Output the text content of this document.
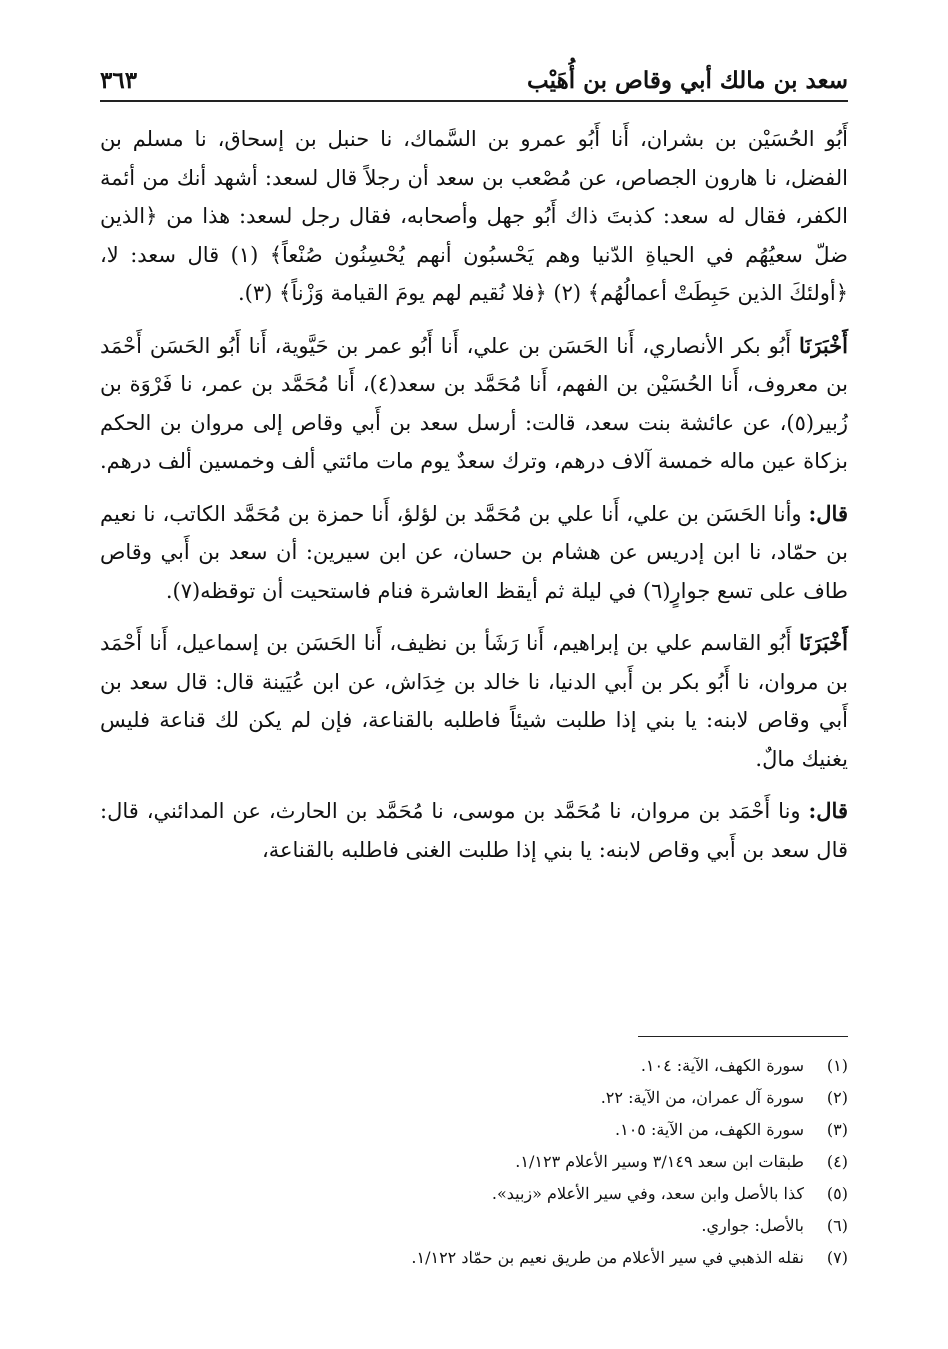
٣٦٣	سعد بن مالك أبي وقاص بن أُهَيْب

أَبُو الحُسَيْن بن بشران، أَنا أَبُو عمرو بن السَّماك، نا حنبل بن إسحاق، نا مسلم بن الفضل، نا هارون الجصاص، عن مُصْعب بن سعد أن رجلاً قال لسعد: أشهد أنك من أئمة الكفر، فقال له سعد: كذبتَ ذاك أَبُو جهل وأصحابه، فقال رجل لسعد: هذا من ﴿الذين ضلّ سعيُهُم في الحياةِ الدّنيا وهم يَحْسبُون أنهم يُحْسِنُون صُنْعاً﴾ (١) قال سعد: لا، ﴿أولئكَ الذين حَبِطَتْ أعمالُهُم﴾ (٢) ﴿فلا نُقيم لهم يومَ القيامة وَزْناً﴾ (٣).

أَخْبَرَنَا أَبُو بكر الأنصاري، أَنا الحَسَن بن علي، أَنا أَبُو عمر بن حَيَّوية، أَنا أَبُو الحَسَن أَحْمَد بن معروف، أَنا الحُسَيْن بن الفهم، أَنا مُحَمَّد بن سعد(٤)، أَنا مُحَمَّد بن عمر، نا فَرْوَة بن زُبير(٥)، عن عائشة بنت سعد، قالت: أرسل سعد بن أَبي وقاص إلى مروان بن الحكم بزكاة عين ماله خمسة آلاف درهم، وترك سعدٌ يوم مات مائتي ألف وخمسين ألف درهم.

قال: وأنا الحَسَن بن علي، أَنا علي بن مُحَمَّد بن لؤلؤ، أَنا حمزة بن مُحَمَّد الكاتب، نا نعيم بن حمّاد، نا ابن إدريس عن هشام بن حسان، عن ابن سيرين: أن سعد بن أَبي وقاص طاف على تسع جوارٍ(٦) في ليلة ثم أيقظ العاشرة فنام فاستحيت أن توقظه(٧).

أَخْبَرَنَا أَبُو القاسم علي بن إبراهيم، أَنا رَشَأ بن نظيف، أَنا الحَسَن بن إسماعيل، أَنا أَحْمَد بن مروان، نا أَبُو بكر بن أَبي الدنيا، نا خالد بن خِدَاش، عن ابن عُيَينة قال: قال سعد بن أَبي وقاص لابنه: يا بني إذا طلبت شيئاً فاطلبه بالقناعة، فإن لم يكن لك قناعة فليس يغنيك مالٌ.

قال: ونا أَحْمَد بن مروان، نا مُحَمَّد بن موسى، نا مُحَمَّد بن الحارث، عن المدائني، قال: قال سعد بن أَبي وقاص لابنه: يا بني إذا طلبت الغنى فاطلبه بالقناعة،

(١)
سورة الكهف، الآية: ١٠٤.
(٢)
سورة آل عمران، من الآية: ٢٢.
(٣)
سورة الكهف، من الآية: ١٠٥.
(٤)
طبقات ابن سعد ٣/١٤٩ وسير الأعلام ١/١٢٣.
(٥)
كذا بالأصل وابن سعد، وفي سير الأعلام «زبيد».
(٦)
بالأصل: جواري.
(٧)
نقله الذهبي في سير الأعلام من طريق نعيم بن حمّاد ١/١٢٢.
